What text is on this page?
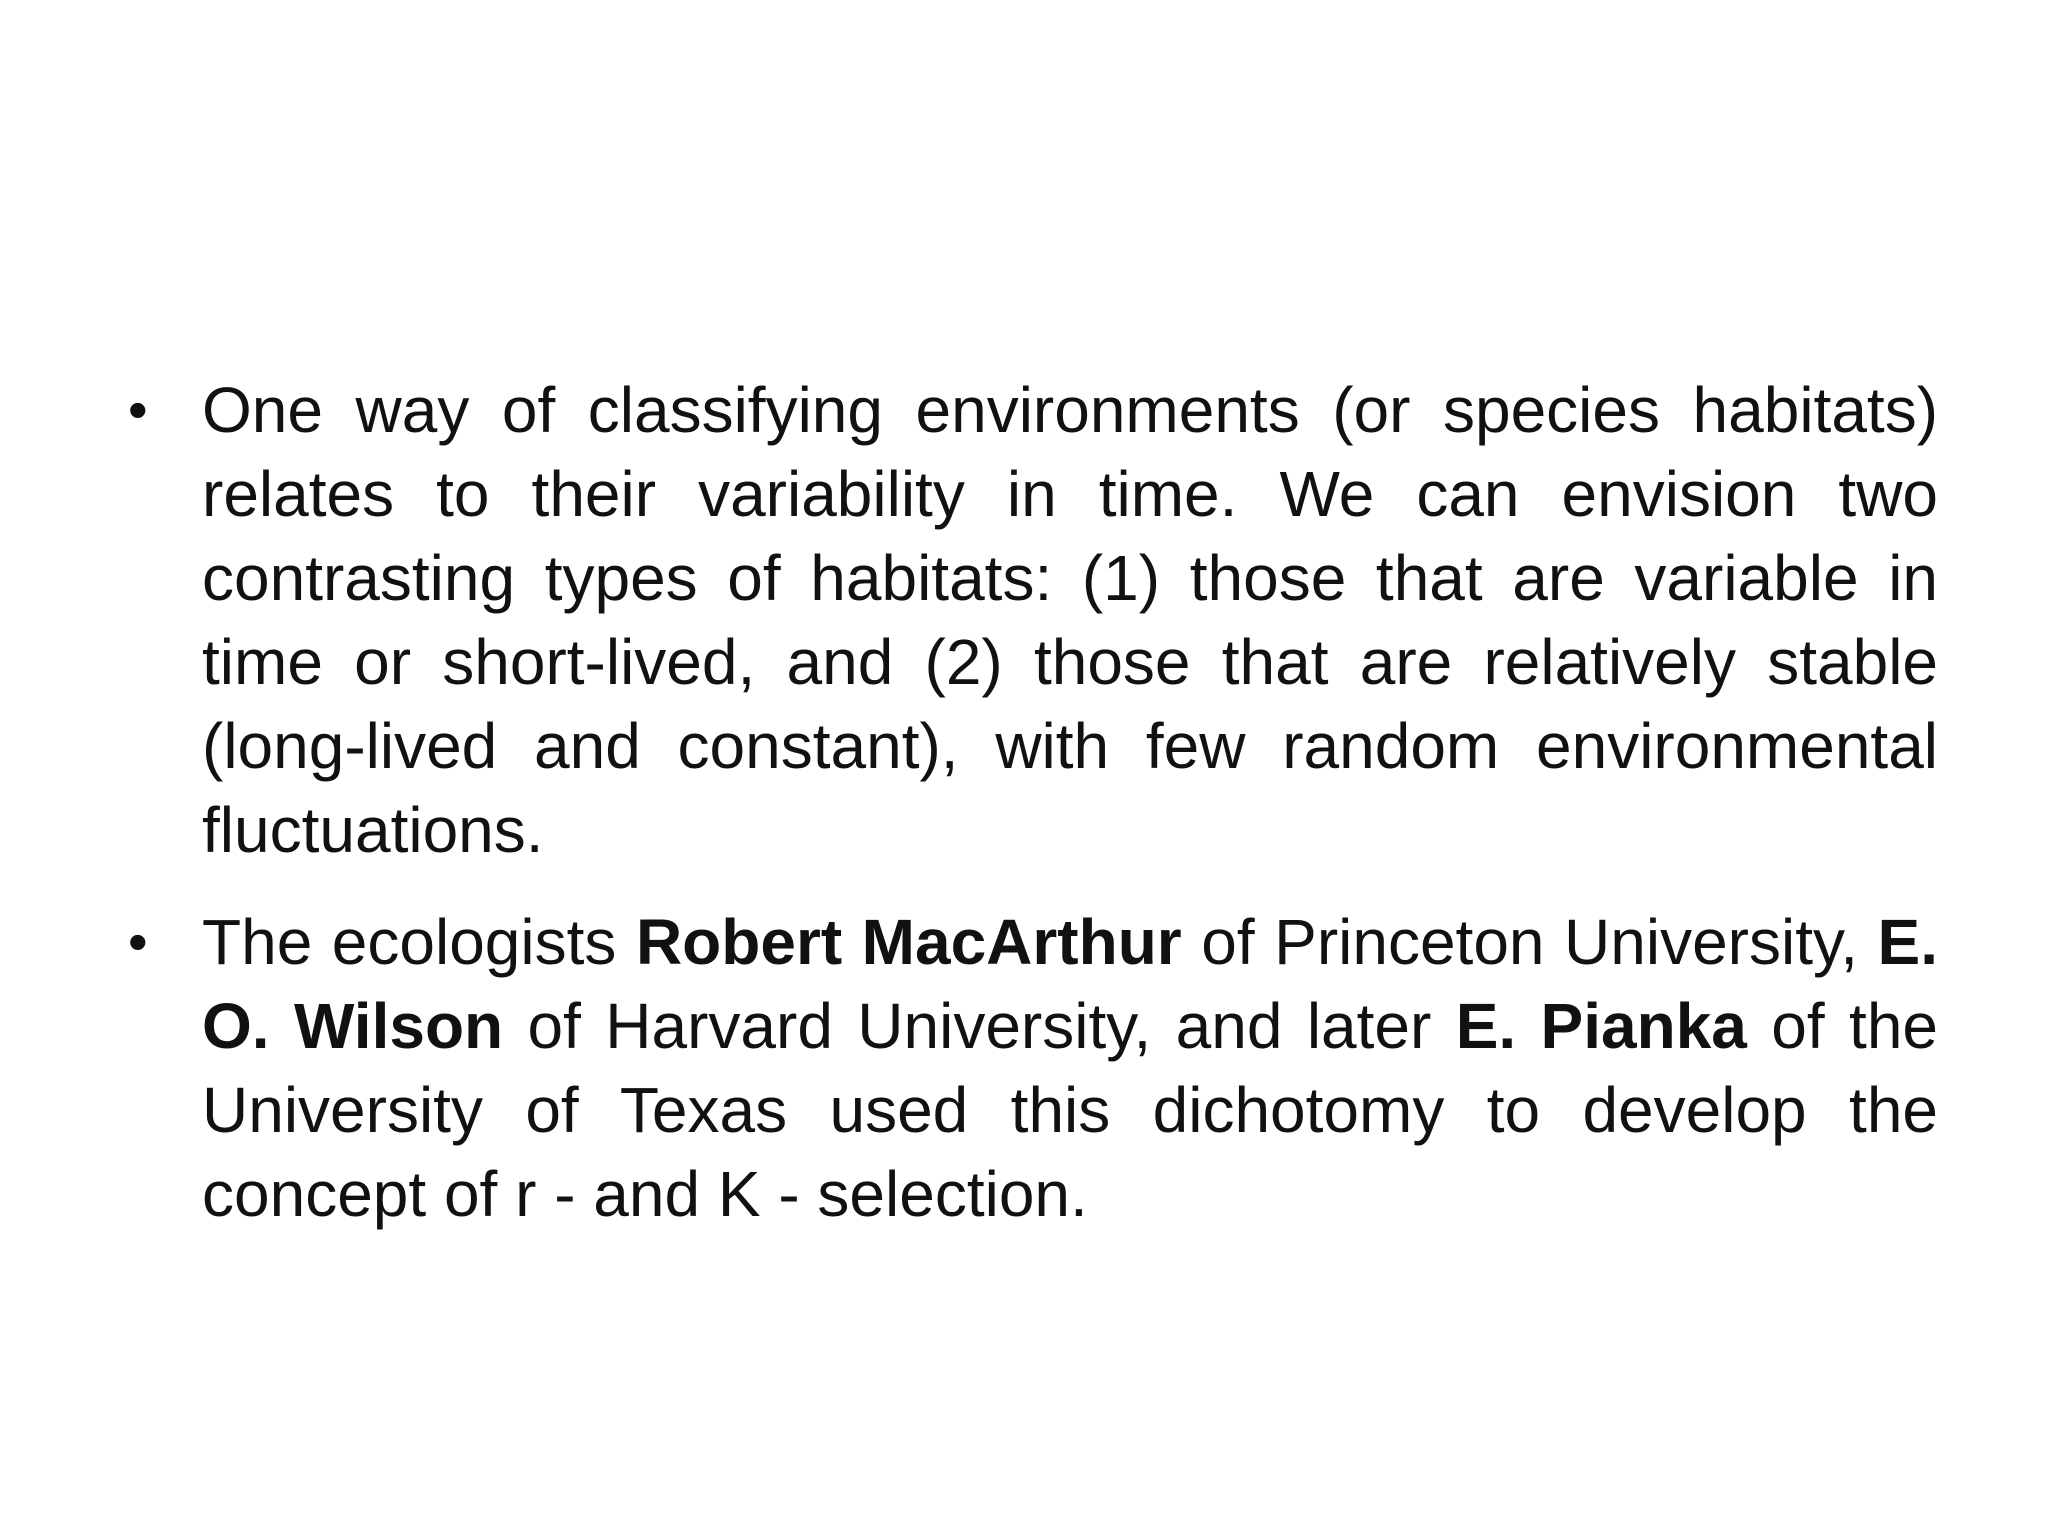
• One way of classifying environments (or species habitats) relates to their variability in time. We can envision two contrasting types of habitats: (1) those that are variable in time or short-lived, and (2) those that are relatively stable (long-lived and constant), with few random environmental fluctuations.
• The ecologists Robert MacArthur of Princeton University, E. O. Wilson of Harvard University, and later E. Pianka of the University of Texas used this dichotomy to develop the concept of r - and K - selection.
